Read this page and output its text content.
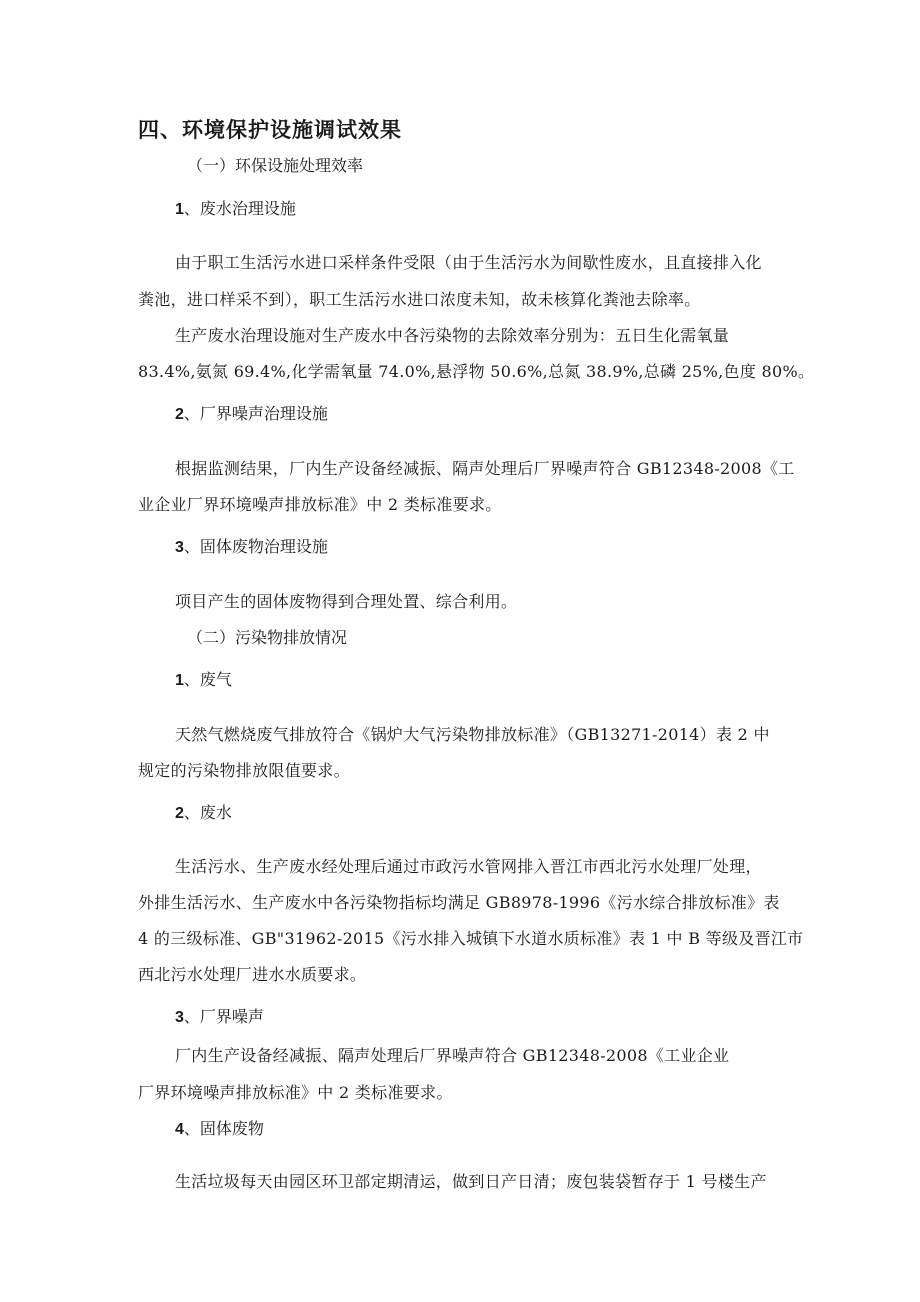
四、环境保护设施调试效果
（一）环保设施处理效率
1、废水治理设施
由于职工生活污水进口采样条件受限（由于生活污水为间歇性废水，且直接排入化
粪池，进口样采不到），职工生活污水进口浓度未知，故未核算化粪池去除率。
生产废水治理设施对生产废水中各污染物的去除效率分别为：五日生化需氧量
83.4%,氨氮 69.4%,化学需氧量 74.0%,悬浮物 50.6%,总氮 38.9%,总磷 25%,色度 80%。
2、厂界噪声治理设施
根据监测结果，厂内生产设备经减振、隔声处理后厂界噪声符合 GB12348-2008《工
业企业厂界环境噪声排放标准》中 2 类标准要求。
3、固体废物治理设施
项目产生的固体废物得到合理处置、综合利用。
（二）污染物排放情况
1、废气
天然气燃烧废气排放符合《锅炉大气污染物排放标准》（GB13271-2014）表 2 中
规定的污染物排放限值要求。
2、废水
生活污水、生产废水经处理后通过市政污水管网排入晋江市西北污水处理厂处理，
外排生活污水、生产废水中各污染物指标均满足 GB8978-1996《污水综合排放标准》表
4 的三级标准、GB"31962-2015《污水排入城镇下水道水质标准》表 1 中 B 等级及晋江市
西北污水处理厂进水水质要求。
3、厂界噪声
厂内生产设备经减振、隔声处理后厂界噪声符合 GB12348-2008《工业企业
厂界环境噪声排放标准》中 2 类标准要求。
4、固体废物
生活垃圾每天由园区环卫部定期清运，做到日产日清；废包装袋暂存于 1 号楼生产
